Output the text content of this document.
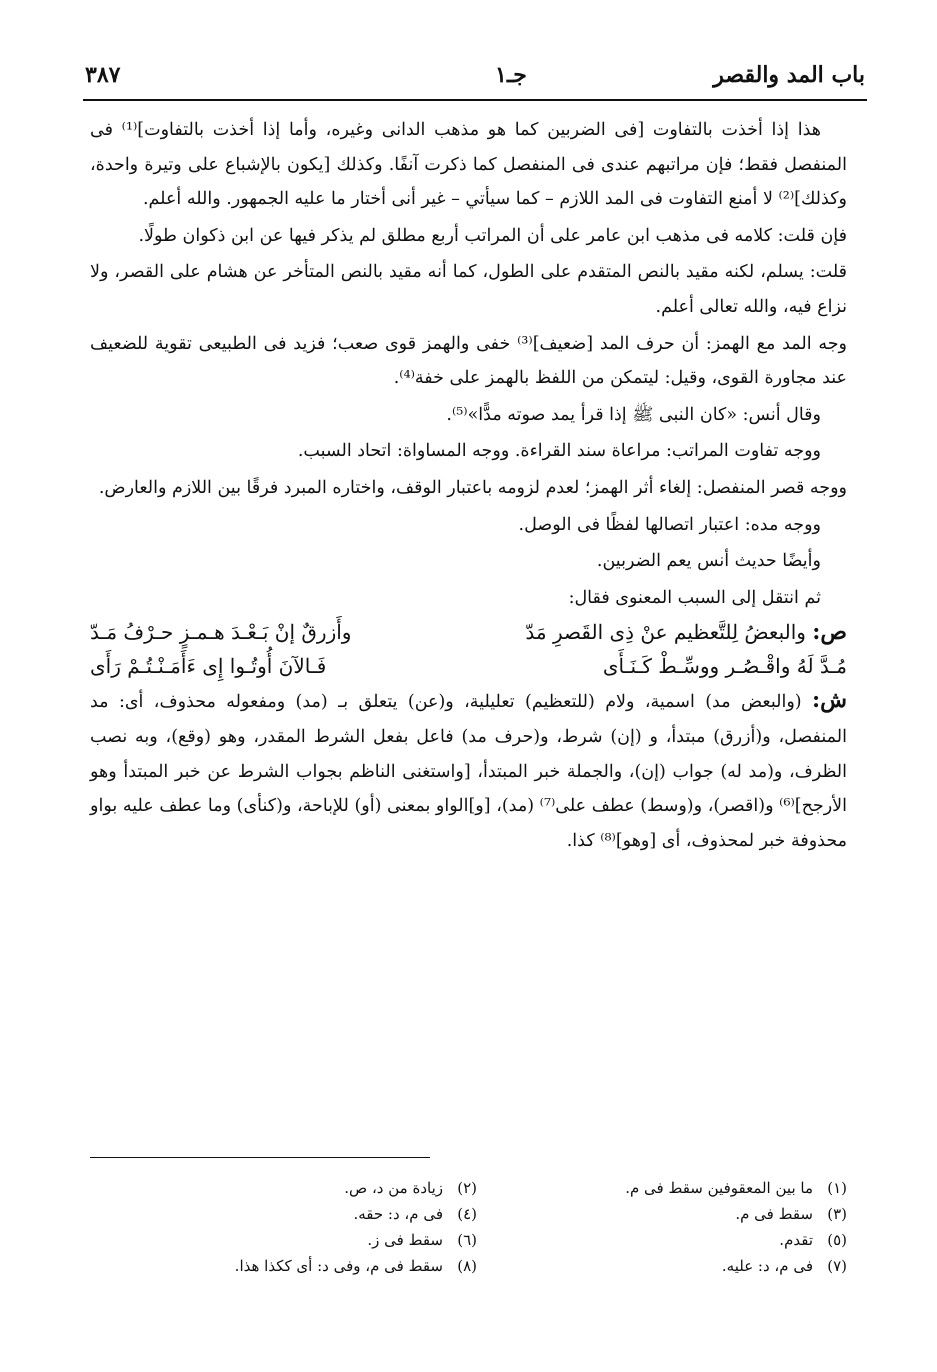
باب المد والقصر
جـ١
٣٨٧

هذا إذا أخذت بالتفاوت [فى الضربين كما هو مذهب الدانى وغيره، وأما إذا أخذت بالتفاوت]⁽¹⁾ فى المنفصل فقط؛ فإن مراتبهم عندى فى المنفصل كما ذكرت آنفًا. وكذلك [يكون بالإشباع على وتيرة واحدة، وكذلك]⁽²⁾ لا أمنع التفاوت فى المد اللازم – كما سيأتي – غير أنى أختار ما عليه الجمهور. والله أعلم.

فإن قلت: كلامه فى مذهب ابن عامر على أن المراتب أربع مطلق لم يذكر فيها عن ابن ذكوان طولًا.

قلت: يسلم، لكنه مقيد بالنص المتقدم على الطول، كما أنه مقيد بالنص المتأخر عن هشام على القصر، ولا نزاع فيه، والله تعالى أعلم.

وجه المد مع الهمز: أن حرف المد [ضعيف]⁽³⁾ خفى والهمز قوى صعب؛ فزيد فى الطبيعى تقوية للضعيف عند مجاورة القوى، وقيل: ليتمكن من اللفظ بالهمز على خفة⁽⁴⁾.

وقال أنس: «كان النبى ﷺ إذا قرأ يمد صوته مدًّا»⁽⁵⁾.

ووجه تفاوت المراتب: مراعاة سند القراءة. ووجه المساواة: اتحاد السبب.

ووجه قصر المنفصل: إلغاء أثر الهمز؛ لعدم لزومه باعتبار الوقف، واختاره المبرد فرقًا بين اللازم والعارض.

ووجه مده: اعتبار اتصالها لفظًا فى الوصل.

وأيضًا حديث أنس يعم الضربين.

ثم انتقل إلى السبب المعنوى فقال:

ص: والبعضُ لِلتَّعظيم عنْ ذِى القَصرِ مَدّ
وأَزرقٌ إنْ بَـعْـدَ هـمـزٍ حـرْفُ مَـدّ
مُـدَّ لَهُ واقْـصُـر ووسِّـطْ كَـنَـأَى
فَـالآنَ أُوتُـوا إِى ءَأَمَـنْـتُـمْ رَأَى

ش: (والبعض مد) اسمية، ولام (للتعظيم) تعليلية، و(عن) يتعلق بـ (مد) ومفعوله محذوف، أى: مد المنفصل، و(أزرق) مبتدأ، و (إن) شرط، و(حرف مد) فاعل بفعل الشرط المقدر، وهو (وقع)، وبه نصب الظرف، و(مد له) جواب (إن)، والجملة خبر المبتدأ، [واستغنى الناظم بجواب الشرط عن خبر المبتدأ وهو الأرجح]⁽⁶⁾ و(اقصر)، و(وسط) عطف على⁽⁷⁾ (مد)، [و]الواو بمعنى (أو) للإباحة، و(كنأى) وما عطف عليه بواو محذوفة خبر لمحذوف، أى [وهو]⁽⁸⁾ كذا.

(١)ما بين المعقوفين سقط فى م.
(٣)سقط فى م.
(٥)تقدم.
(٧)فى م، د: عليه.
(٢)زيادة من د، ص.
(٤)فى م، د: حقه.
(٦)سقط فى ز.
(٨)سقط فى م، وفى د: أى ككذا هذا.
